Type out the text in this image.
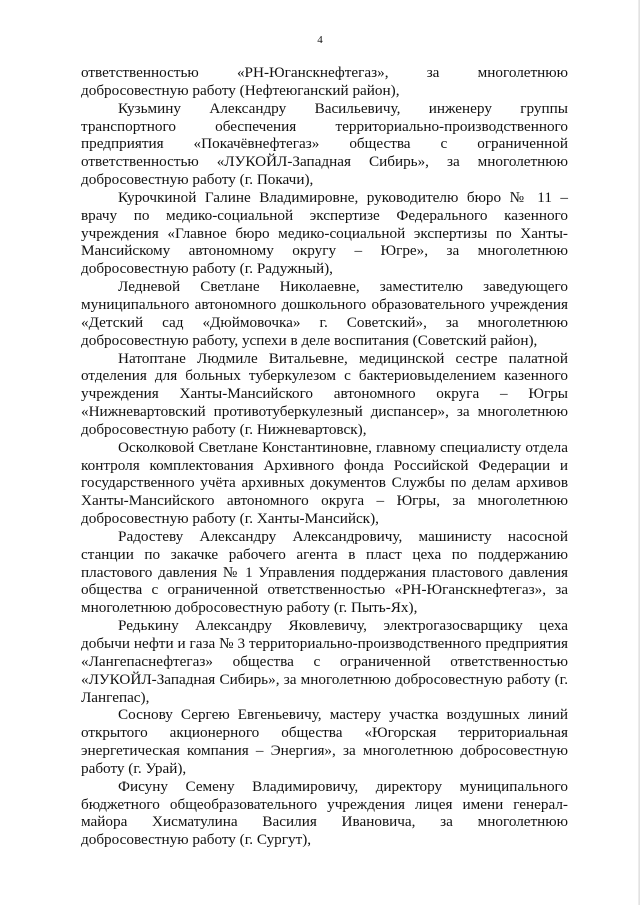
4

ответственностью «РН-Юганскнефтегаз», за многолетнюю добросовестную работу (Нефтеюганский район),

Кузьмину Александру Васильевичу, инженеру группы транспортного обеспечения территориально-производственного предприятия «Покачёвнефтегаз» общества с ограниченной ответственностью «ЛУКОЙЛ-Западная Сибирь», за многолетнюю добросовестную работу (г. Покачи),

Курочкиной Галине Владимировне, руководителю бюро № 11 – врачу по медико-социальной экспертизе Федерального казенного учреждения «Главное бюро медико-социальной экспертизы по Ханты-Мансийскому автономному округу – Югре», за многолетнюю добросовестную работу (г. Радужный),

Ледневой Светлане Николаевне, заместителю заведующего муниципального автономного дошкольного образовательного учреждения «Детский сад «Дюймовочка» г. Советский», за многолетнюю добросовестную работу, успехи в деле воспитания (Советский район),

Натоптане Людмиле Витальевне, медицинской сестре палатной отделения для больных туберкулезом с бактериовыделением казенного учреждения Ханты-Мансийского автономного округа – Югры «Нижневартовский противотуберкулезный диспансер», за многолетнюю добросовестную работу (г. Нижневартовск),

Осколковой Светлане Константиновне, главному специалисту отдела контроля комплектования Архивного фонда Российской Федерации и государственного учёта архивных документов Службы по делам архивов Ханты-Мансийского автономного округа – Югры, за многолетнюю добросовестную работу (г. Ханты-Мансийск),

Радостеву Александру Александровичу, машинисту насосной станции по закачке рабочего агента в пласт цеха по поддержанию пластового давления № 1 Управления поддержания пластового давления общества с ограниченной ответственностью «РН-Юганскнефтегаз», за многолетнюю добросовестную работу (г. Пыть-Ях),

Редькину Александру Яковлевичу, электрогазосварщику цеха добычи нефти и газа № 3 территориально-производственного предприятия «Лангепаснефтегаз» общества с ограниченной ответственностью «ЛУКОЙЛ-Западная Сибирь», за многолетнюю добросовестную работу (г. Лангепас),

Соснову Сергею Евгеньевичу, мастеру участка воздушных линий открытого акционерного общества «Югорская территориальная энергетическая компания – Энергия», за многолетнюю добросовестную работу (г. Урай),

Фисуну Семену Владимировичу, директору муниципального бюджетного общеобразовательного учреждения лицея имени генерал-майора Хисматулина Василия Ивановича, за многолетнюю добросовестную работу (г. Сургут),
